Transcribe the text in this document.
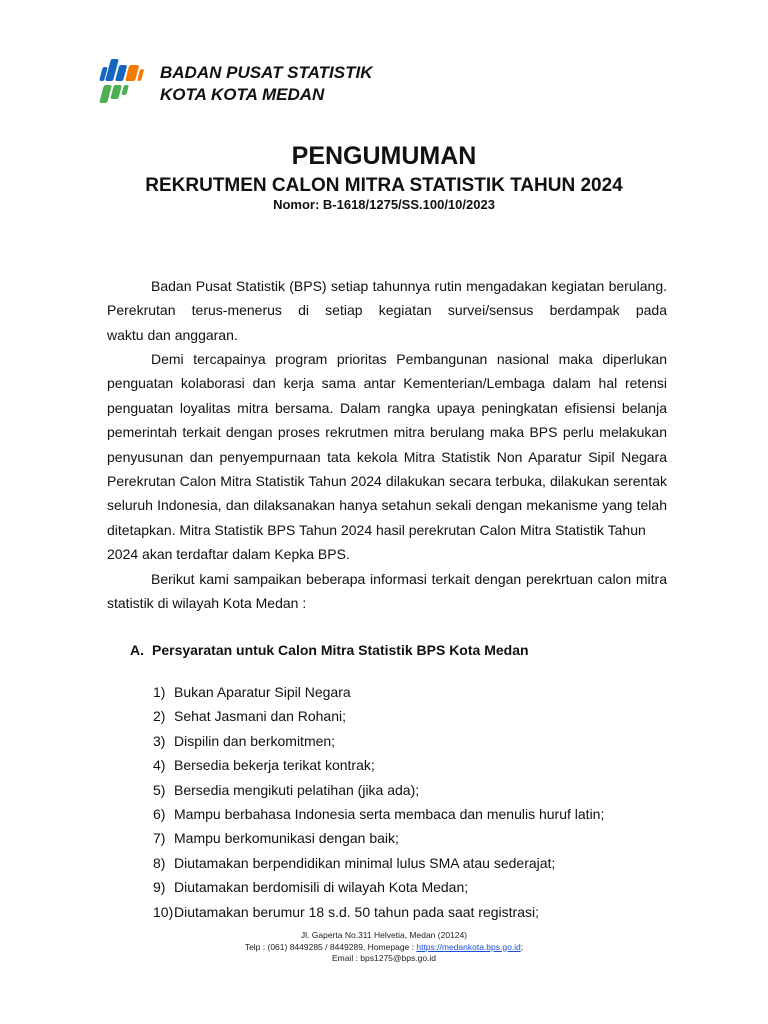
BADAN PUSAT STATISTIK
KOTA KOTA MEDAN
PENGUMUMAN
REKRUTMEN CALON MITRA STATISTIK TAHUN 2024
Nomor: B-1618/1275/SS.100/10/2023
Badan Pusat Statistik (BPS) setiap tahunnya rutin mengadakan kegiatan berulang.
Perekrutan terus-menerus di setiap kegiatan survei/sensus berdampak pada
waktu dan anggaran.
Demi tercapainya program prioritas Pembangunan nasional maka diperlukan
penguatan kolaborasi dan kerja sama antar Kementerian/Lembaga dalam hal retensi
penguatan loyalitas mitra bersama. Dalam rangka upaya peningkatan efisiensi belanja
pemerintah terkait dengan proses rekrutmen mitra berulang maka BPS perlu melakukan
penyusunan dan penyempurnaan tata kekola Mitra Statistik Non Aparatur Sipil Negara
Perekrutan Calon Mitra Statistik Tahun 2024 dilakukan secara terbuka, dilakukan serentak
seluruh Indonesia, dan dilaksanakan hanya setahun sekali dengan mekanisme yang telah
ditetapkan. Mitra Statistik BPS Tahun 2024 hasil perekrutan Calon Mitra Statistik Tahun
2024 akan terdaftar dalam Kepka BPS.
Berikut kami sampaikan beberapa informasi terkait dengan perekrtuan calon mitra
statistik di wilayah Kota Medan :
A. Persyaratan untuk Calon Mitra Statistik BPS Kota Medan
1) Bukan Aparatur Sipil Negara
2) Sehat Jasmani dan Rohani;
3) Dispilin dan berkomitmen;
4) Bersedia bekerja terikat kontrak;
5) Bersedia mengikuti pelatihan (jika ada);
6) Mampu berbahasa Indonesia serta membaca dan menulis huruf latin;
7) Mampu berkomunikasi dengan baik;
8) Diutamakan berpendidikan minimal lulus SMA atau sederajat;
9) Diutamakan berdomisili di wilayah Kota Medan;
10)Diutamakan berumur 18 s.d. 50 tahun pada saat registrasi;
Jl. Gaperta No.311 Helvetia, Medan (20124)
Telp : (061) 8449285 / 8449289, Homepage : https://medankota.bps.go.id;
Email : bps1275@bps.go.id
